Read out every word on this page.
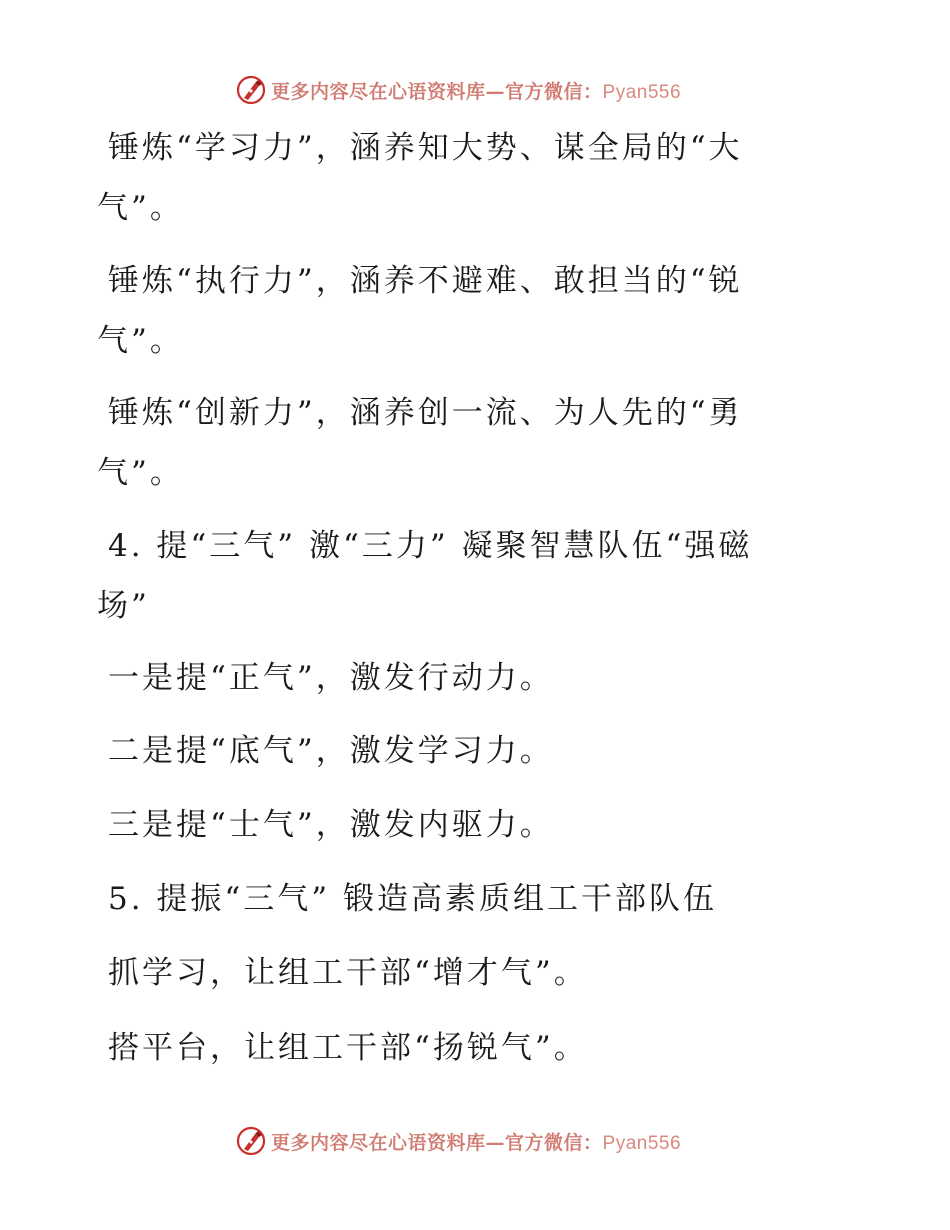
更多内容尽在心语资料库—官方微信：Pyan556

锤炼“学习力”，涵养知大势、谋全局的“大

气”。

锤炼“执行力”，涵养不避难、敢担当的“锐

气”。

锤炼“创新力”，涵养创一流、为人先的“勇

气”。

4. 提“三气” 激“三力” 凝聚智慧队伍“强磁

场”

一是提“正气”，激发行动力。

二是提“底气”，激发学习力。

三是提“士气”，激发内驱力。

5. 提振“三气” 锻造高素质组工干部队伍

抓学习，让组工干部“增才气”。

搭平台，让组工干部“扬锐气”。

更多内容尽在心语资料库—官方微信：Pyan556
